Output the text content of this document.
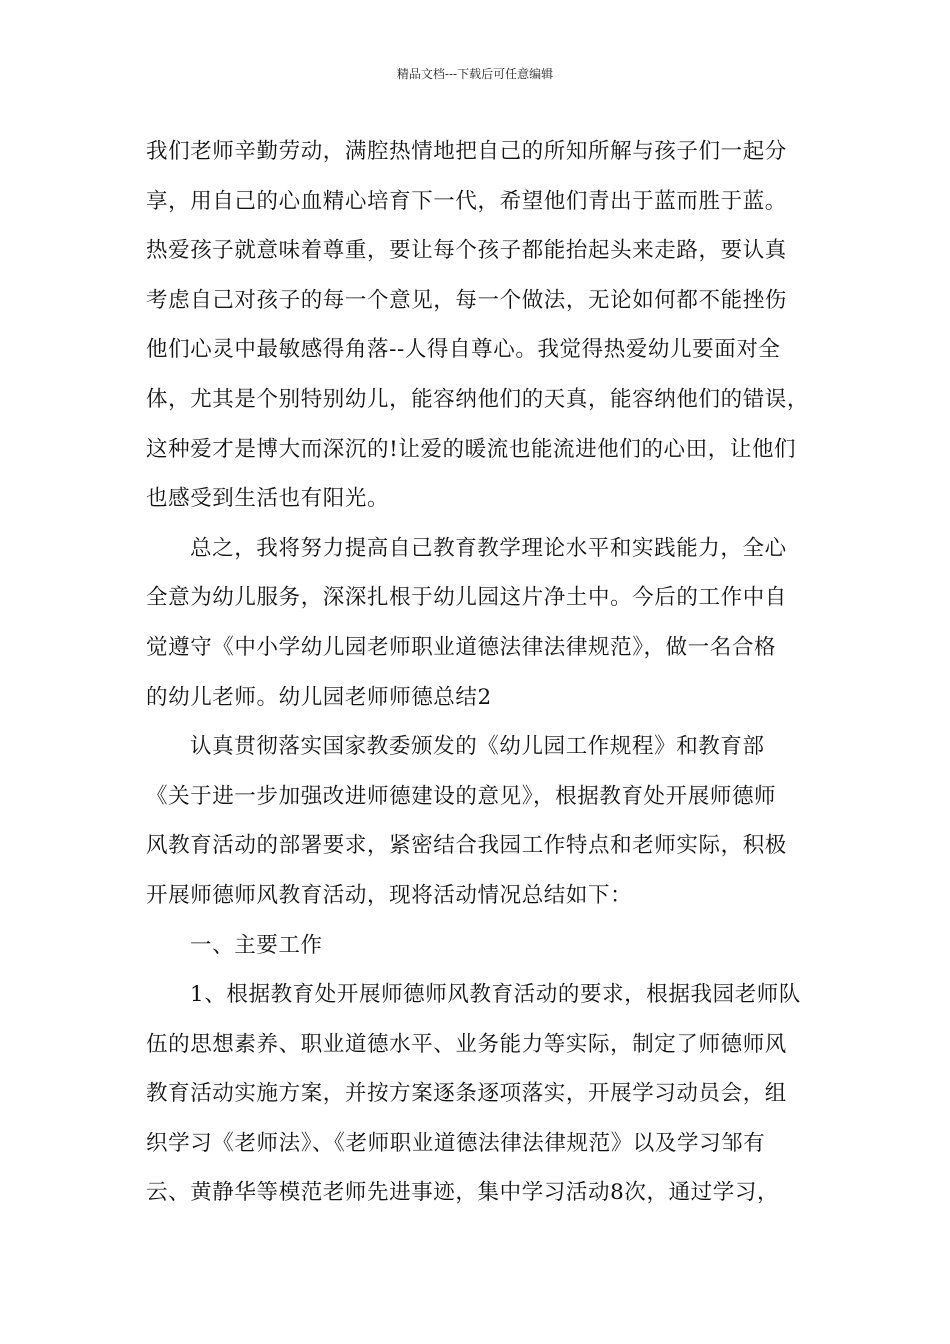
精品文档---下载后可任意编辑
我们老师辛勤劳动，满腔热情地把自己的所知所解与孩子们一起分
享，用自己的心血精心培育下一代，希望他们青出于蓝而胜于蓝。
热爱孩子就意味着尊重，要让每个孩子都能抬起头来走路，要认真
考虑自己对孩子的每一个意见，每一个做法，无论如何都不能挫伤
他们心灵中最敏感得角落--人得自尊心。我觉得热爱幼儿要面对全
体，尤其是个别特别幼儿，能容纳他们的天真，能容纳他们的错误，
这种爱才是博大而深沉的!让爱的暖流也能流进他们的心田，让他们
也感受到生活也有阳光。
总之，我将努力提高自己教育教学理论水平和实践能力，全心
全意为幼儿服务，深深扎根于幼儿园这片净土中。今后的工作中自
觉遵守《中小学幼儿园老师职业道德法律法律规范》，做一名合格
的幼儿老师。幼儿园老师师德总结2
认真贯彻落实国家教委颁发的《幼儿园工作规程》和教育部
《关于进一步加强改进师德建设的意见》，根据教育处开展师德师
风教育活动的部署要求，紧密结合我园工作特点和老师实际，积极
开展师德师风教育活动，现将活动情况总结如下：
一、主要工作
1、根据教育处开展师德师风教育活动的要求，根据我园老师队
伍的思想素养、职业道德水平、业务能力等实际，制定了师德师风
教育活动实施方案，并按方案逐条逐项落实，开展学习动员会，组
织学习《老师法》、《老师职业道德法律法律规范》以及学习邹有
云、黄静华等模范老师先进事迹，集中学习活动8次，通过学习，
